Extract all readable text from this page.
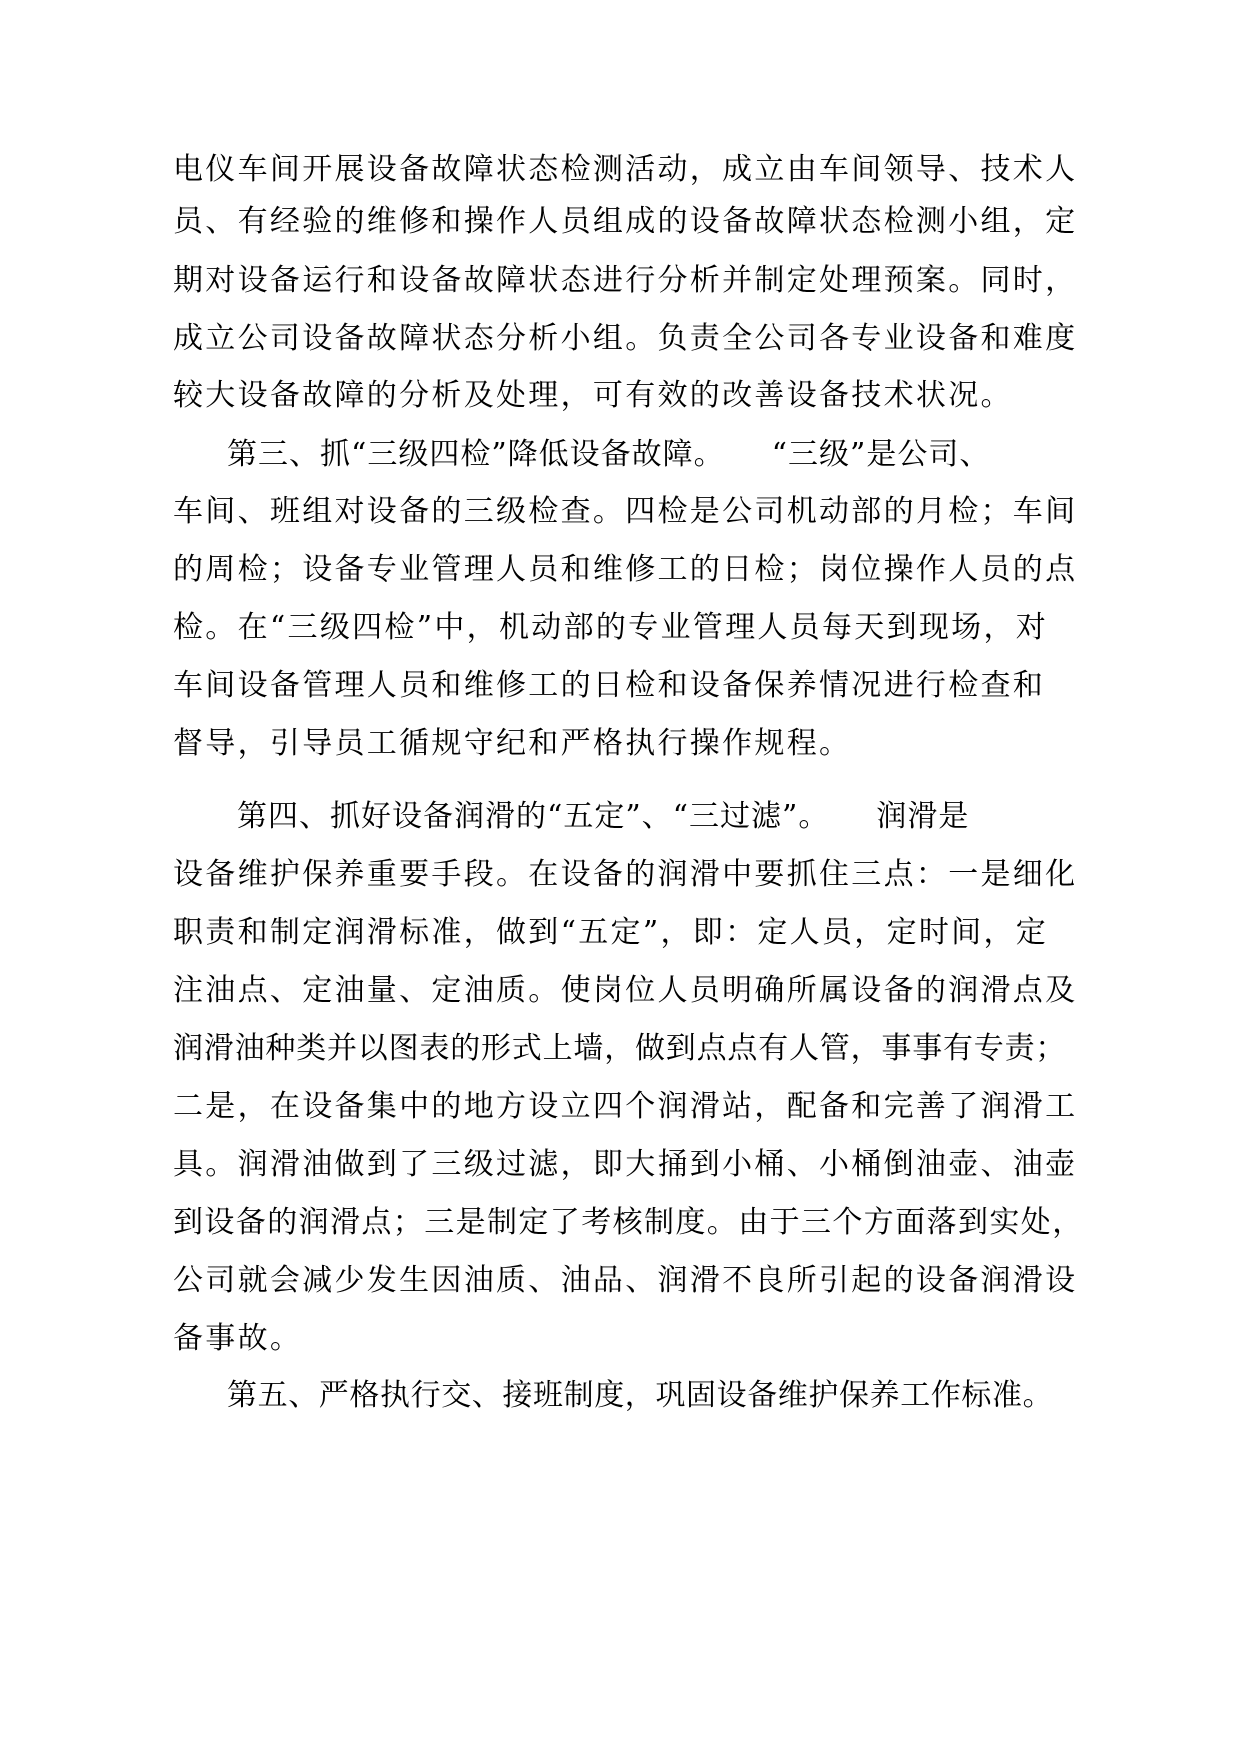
电仪车间开展设备故障状态检测活动，成立由车间领导、技术人
员、有经验的维修和操作人员组成的设备故障状态检测小组，定
期对设备运行和设备故障状态进行分析并制定处理预案。同时，
成立公司设备故障状态分析小组。负责全公司各专业设备和难度
较大设备故障的分析及处理，可有效的改善设备技术状况。
第三、抓“三级四检”降低设备故障。　　“三级”是公司、
车间、班组对设备的三级检查。四检是公司机动部的月检；车间
的周检；设备专业管理人员和维修工的日检；岗位操作人员的点
检。在“三级四检”中，机动部的专业管理人员每天到现场，对
车间设备管理人员和维修工的日检和设备保养情况进行检查和
督导，引导员工循规守纪和严格执行操作规程。
第四、抓好设备润滑的“五定”、“三过滤”。　　润滑是
设备维护保养重要手段。在设备的润滑中要抓住三点：一是细化
职责和制定润滑标准，做到“五定”，即：定人员，定时间，定
注油点、定油量、定油质。使岗位人员明确所属设备的润滑点及
润滑油种类并以图表的形式上墙，做到点点有人管，事事有专责；
二是，在设备集中的地方设立四个润滑站，配备和完善了润滑工
具。润滑油做到了三级过滤，即大捅到小桶、小桶倒油壶、油壶
到设备的润滑点；三是制定了考核制度。由于三个方面落到实处，
公司就会减少发生因油质、油品、润滑不良所引起的设备润滑设
备事故。
第五、严格执行交、接班制度，巩固设备维护保养工作标准。
